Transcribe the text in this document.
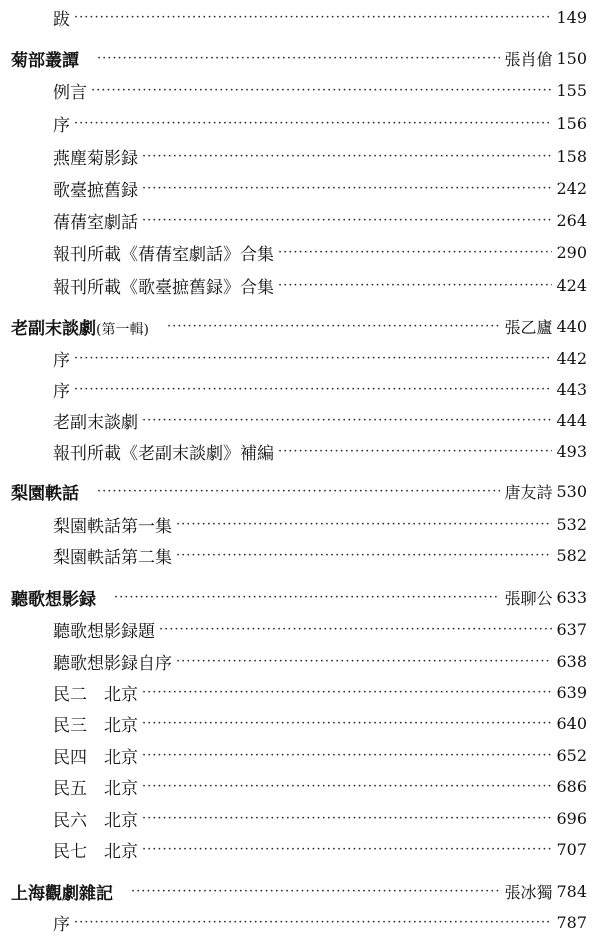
跋 ·····	149
菊部叢譚 ·····	張肖傖 150
例言 ·····	155
序 ·····	156
燕塵菊影録 ·····	158
歌臺摭舊録 ·····	242
蒨蒨室劇話 ·····	264
報刊所載《蒨蒨室劇話》合集 ·····	290
報刊所載《歌臺摭舊録》合集 ·····	424
老副末談劇(第一輯) ·····	張乙廬 440
序 ·····	442
序 ·····	443
老副末談劇 ·····	444
報刊所載《老副末談劇》補編 ·····	493
梨園軼話 ·····	唐友詩 530
梨園軼話第一集 ·····	532
梨園軼話第二集 ·····	582
聽歌想影録 ·····	張聊公 633
聽歌想影録題 ·····	637
聽歌想影録自序 ·····	638
民二　北京 ·····	639
民三　北京 ·····	640
民四　北京 ·····	652
民五　北京 ·····	686
民六　北京 ·····	696
民七　北京 ·····	707
上海觀劇雜記 ·····	張冰獨 784
序 ·····	787
